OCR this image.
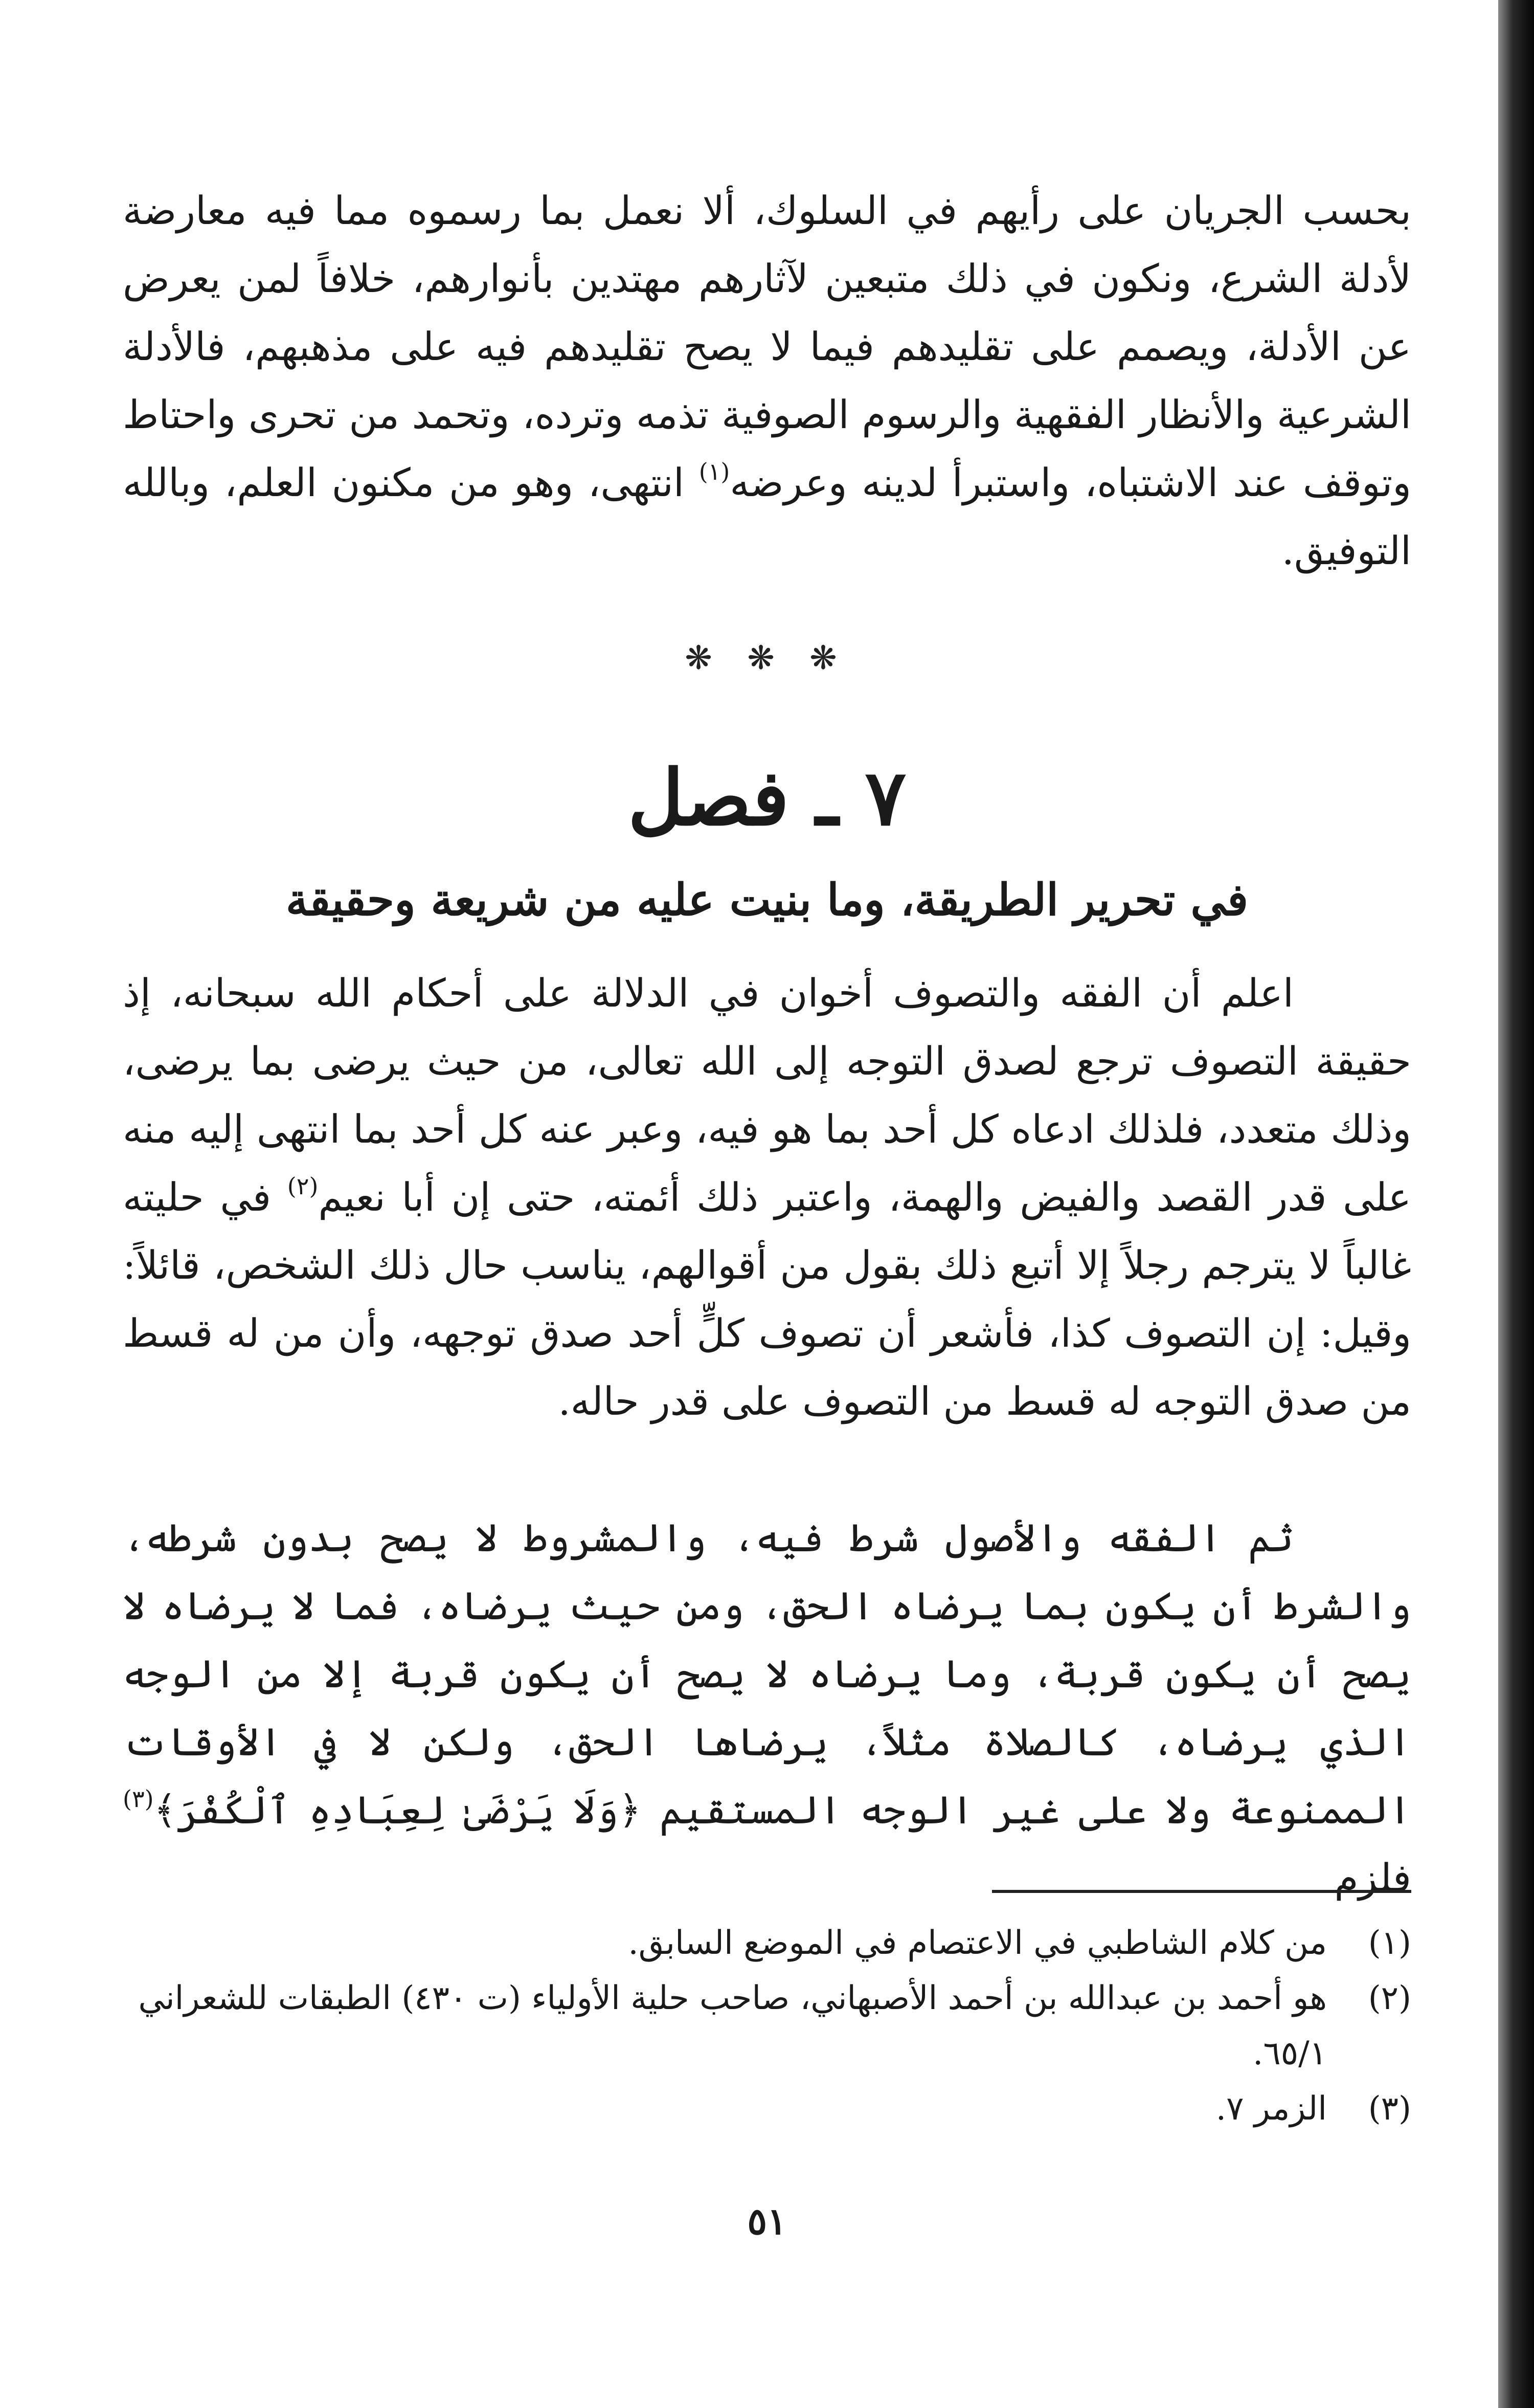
بحسب الجريان على رأيهم في السلوك، ألا نعمل بما رسموه مما فيه معارضة لأدلة الشرع، ونكون في ذلك متبعين لآثارهم مهتدين بأنوارهم، خلافاً لمن يعرض عن الأدلة، ويصمم على تقليدهم فيما لا يصح تقليدهم فيه على مذهبهم، فالأدلة الشرعية والأنظار الفقهية والرسوم الصوفية تذمه وترده، وتحمد من تحرى واحتاط وتوقف عند الاشتباه، واستبرأ لدينه وعرضه$^{(١)}$ انتهى، وهو من مكنون العلم، وبالله التوفيق.

❋ ❋ ❋
٧ ـ فصل
في تحرير الطريقة، وما بنيت عليه من شريعة وحقيقة

اعلم أن الفقه والتصوف أخوان في الدلالة على أحكام الله سبحانه، إذ حقيقة التصوف ترجع لصدق التوجه إلى الله تعالى، من حيث يرضى بما يرضى، وذلك متعدد، فلذلك ادعاه كل أحد بما هو فيه، وعبر عنه كل أحد بما انتهى إليه منه على قدر القصد والفيض والهمة، واعتبر ذلك أئمته، حتى إن أبا نعيم$^{(٢)}$ في حليته غالباً لا يترجم رجلاً إلا أتبع ذلك بقول من أقوالهم، يناسب حال ذلك الشخص، قائلاً: وقيل: إن التصوف كذا، فأشعر أن تصوف كلٍّ أحد صدق توجهه، وأن من له قسط من صدق التوجه له قسط من التصوف على قدر حاله.

ثم الفقه والأصول شرط فيه، والمشروط لا يصح بدون شرطه، والشرط أن يكون بما يرضاه الحق، ومن حيث يرضاه، فما لا يرضاه لا يصح أن يكون قربة، وما يرضاه لا يصح أن يكون قربة إلا من الوجه الذي يرضاه، كالصلاة مثلاً، يرضاها الحق، ولكن لا في الأوقات الممنوعة ولا على غير الوجه المستقيم ﴿وَلَا يَرْضَىٰ لِعِبَادِهِ ٱلْكُفْرَ﴾$^{(٣)}$ فلزم

(١)من كلام الشاطبي في الاعتصام في الموضع السابق.
(٢)هو أحمد بن عبدالله بن أحمد الأصبهاني، صاحب حلية الأولياء (ت ٤٣٠) الطبقات للشعراني ٦٥/١.
(٣)الزمر ٧.
٥١
